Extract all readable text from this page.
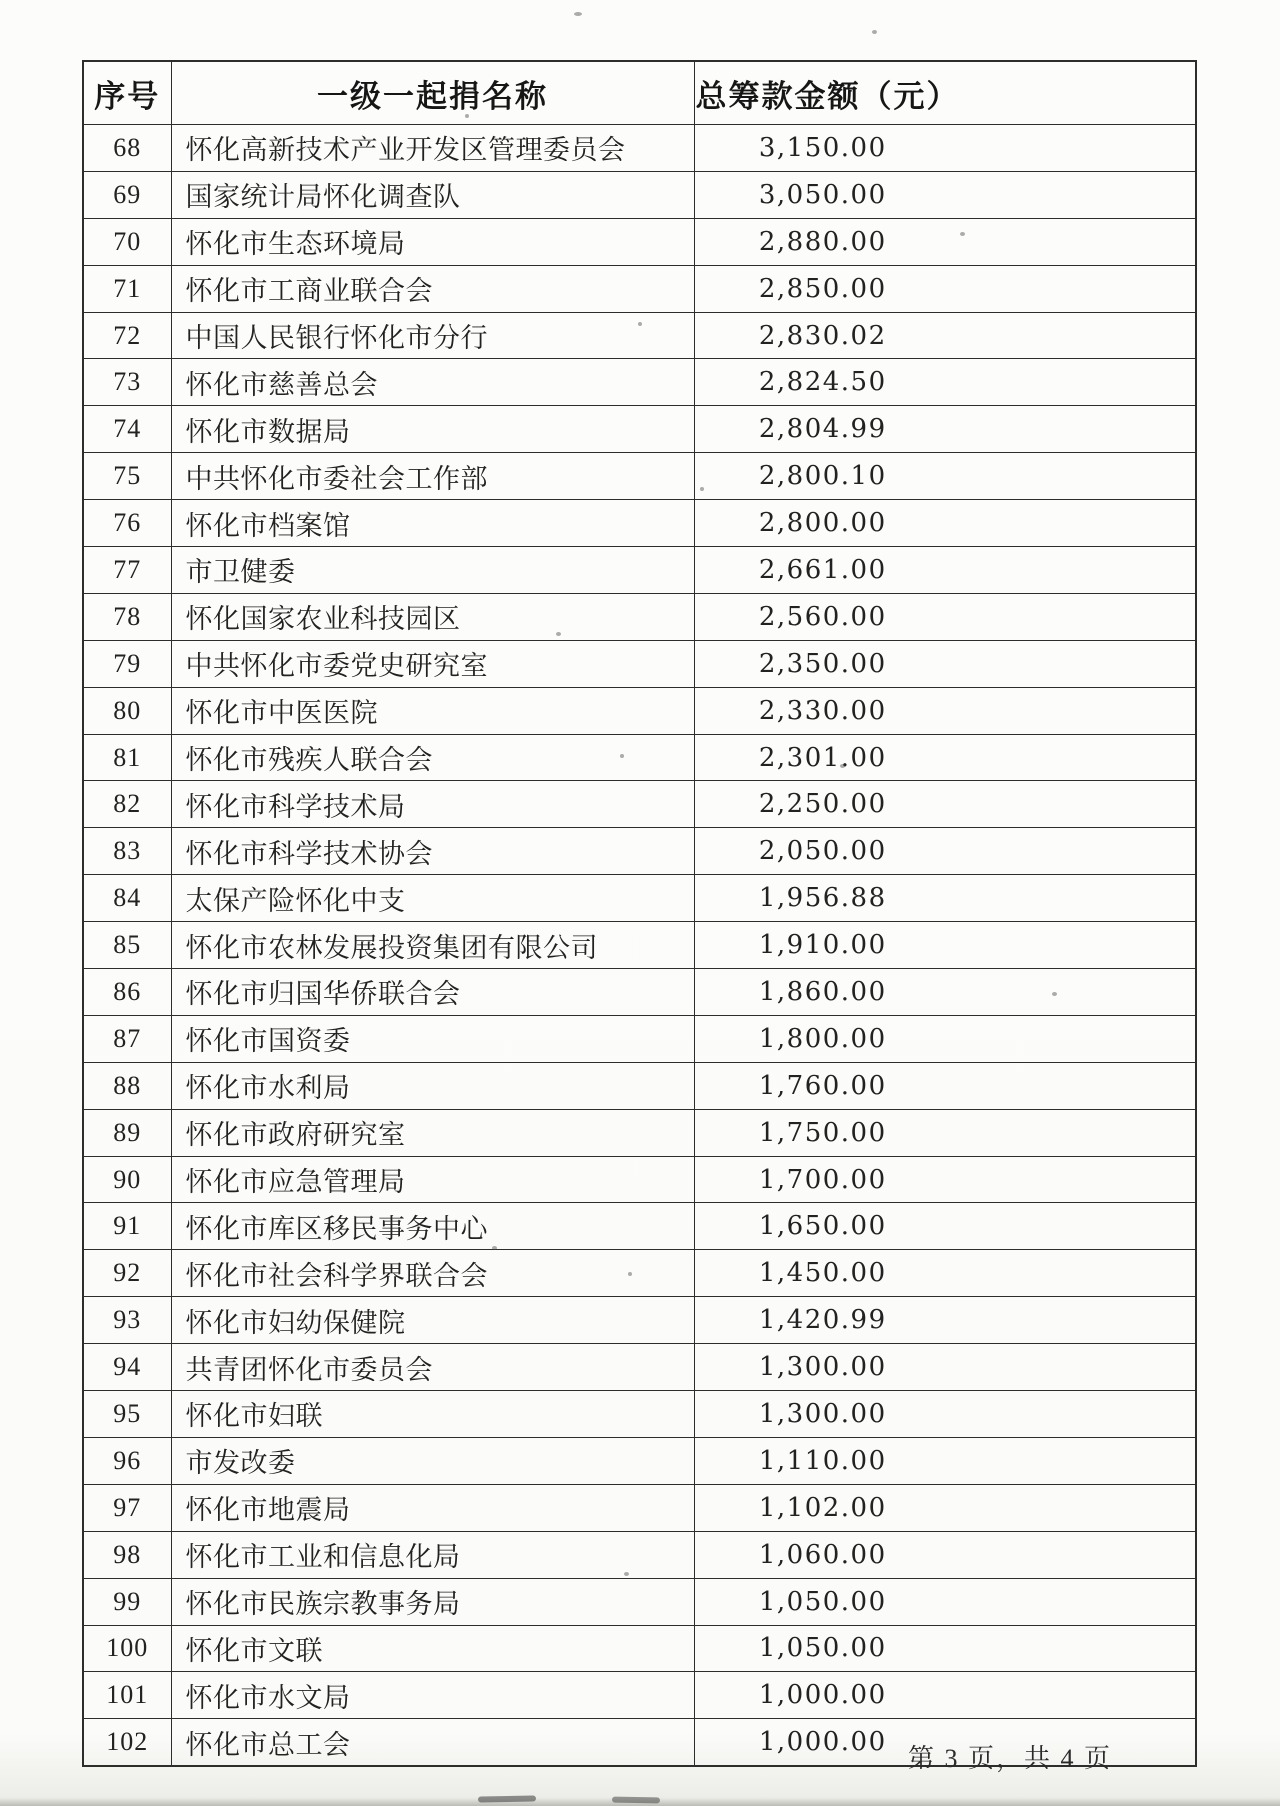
序号	一级一起捐名称	总筹款金额（元）
68	怀化高新技术产业开发区管理委员会	3,150.00
69	国家统计局怀化调查队	3,050.00
70	怀化市生态环境局	2,880.00
71	怀化市工商业联合会	2,850.00
72	中国人民银行怀化市分行	2,830.02
73	怀化市慈善总会	2,824.50
74	怀化市数据局	2,804.99
75	中共怀化市委社会工作部	2,800.10
76	怀化市档案馆	2,800.00
77	市卫健委	2,661.00
78	怀化国家农业科技园区	2,560.00
79	中共怀化市委党史研究室	2,350.00
80	怀化市中医医院	2,330.00
81	怀化市残疾人联合会	2,301.00
82	怀化市科学技术局	2,250.00
83	怀化市科学技术协会	2,050.00
84	太保产险怀化中支	1,956.88
85	怀化市农林发展投资集团有限公司	1,910.00
86	怀化市归国华侨联合会	1,860.00
87	怀化市国资委	1,800.00
88	怀化市水利局	1,760.00
89	怀化市政府研究室	1,750.00
90	怀化市应急管理局	1,700.00
91	怀化市库区移民事务中心	1,650.00
92	怀化市社会科学界联合会	1,450.00
93	怀化市妇幼保健院	1,420.99
94	共青团怀化市委员会	1,300.00
95	怀化市妇联	1,300.00
96	市发改委	1,110.00
97	怀化市地震局	1,102.00
98	怀化市工业和信息化局	1,060.00
99	怀化市民族宗教事务局	1,050.00
100	怀化市文联	1,050.00
101	怀化市水文局	1,000.00
102	怀化市总工会	1,000.00
第 3 页，共 4 页
